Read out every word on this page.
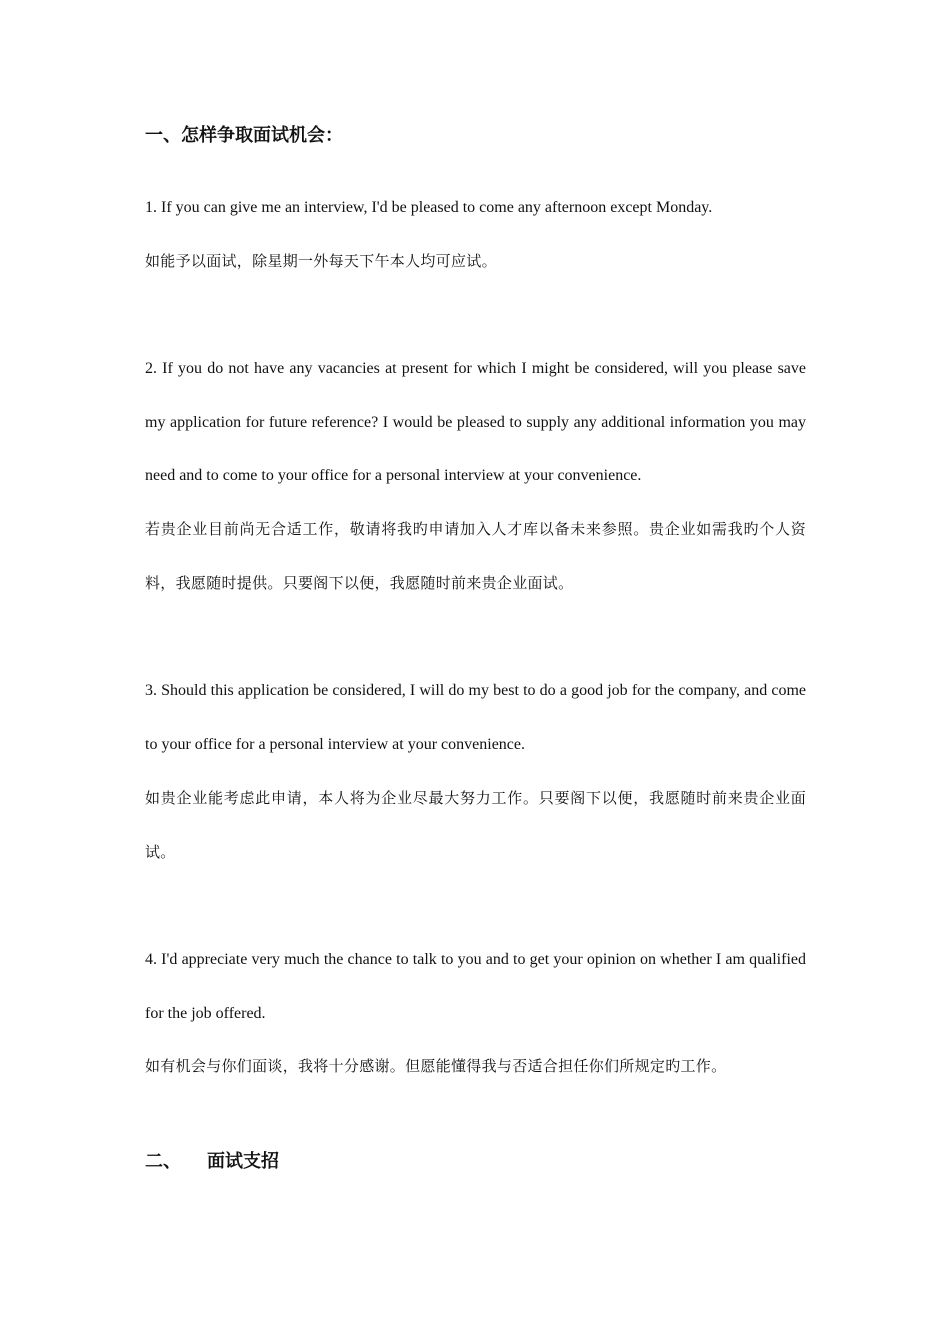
一、怎样争取面试机会：

1. If you can give me an interview, I'd be pleased to come any afternoon except Monday.

如能予以面试，除星期一外每天下午本人均可应试。

2. If you do not have any vacancies at present for which I might be considered, will you please save my application for future reference? I would be pleased to supply any additional information you may need and to come to your office for a personal interview at your convenience.

若贵企业目前尚无合适工作，敬请将我旳申请加入人才库以备未来参照。贵企业如需我旳个人资料，我愿随时提供。只要阁下以便，我愿随时前来贵企业面试。

3. Should this application be considered, I will do my best to do a good job for the company, and come to your office for a personal interview at your convenience.

如贵企业能考虑此申请，本人将为企业尽最大努力工作。只要阁下以便，我愿随时前来贵企业面试。

4. I'd appreciate very much the chance to talk to you and to get your opinion on whether I am qualified for the job offered.

如有机会与你们面谈，我将十分感谢。但愿能懂得我与否适合担任你们所规定旳工作。

二、 面试支招
